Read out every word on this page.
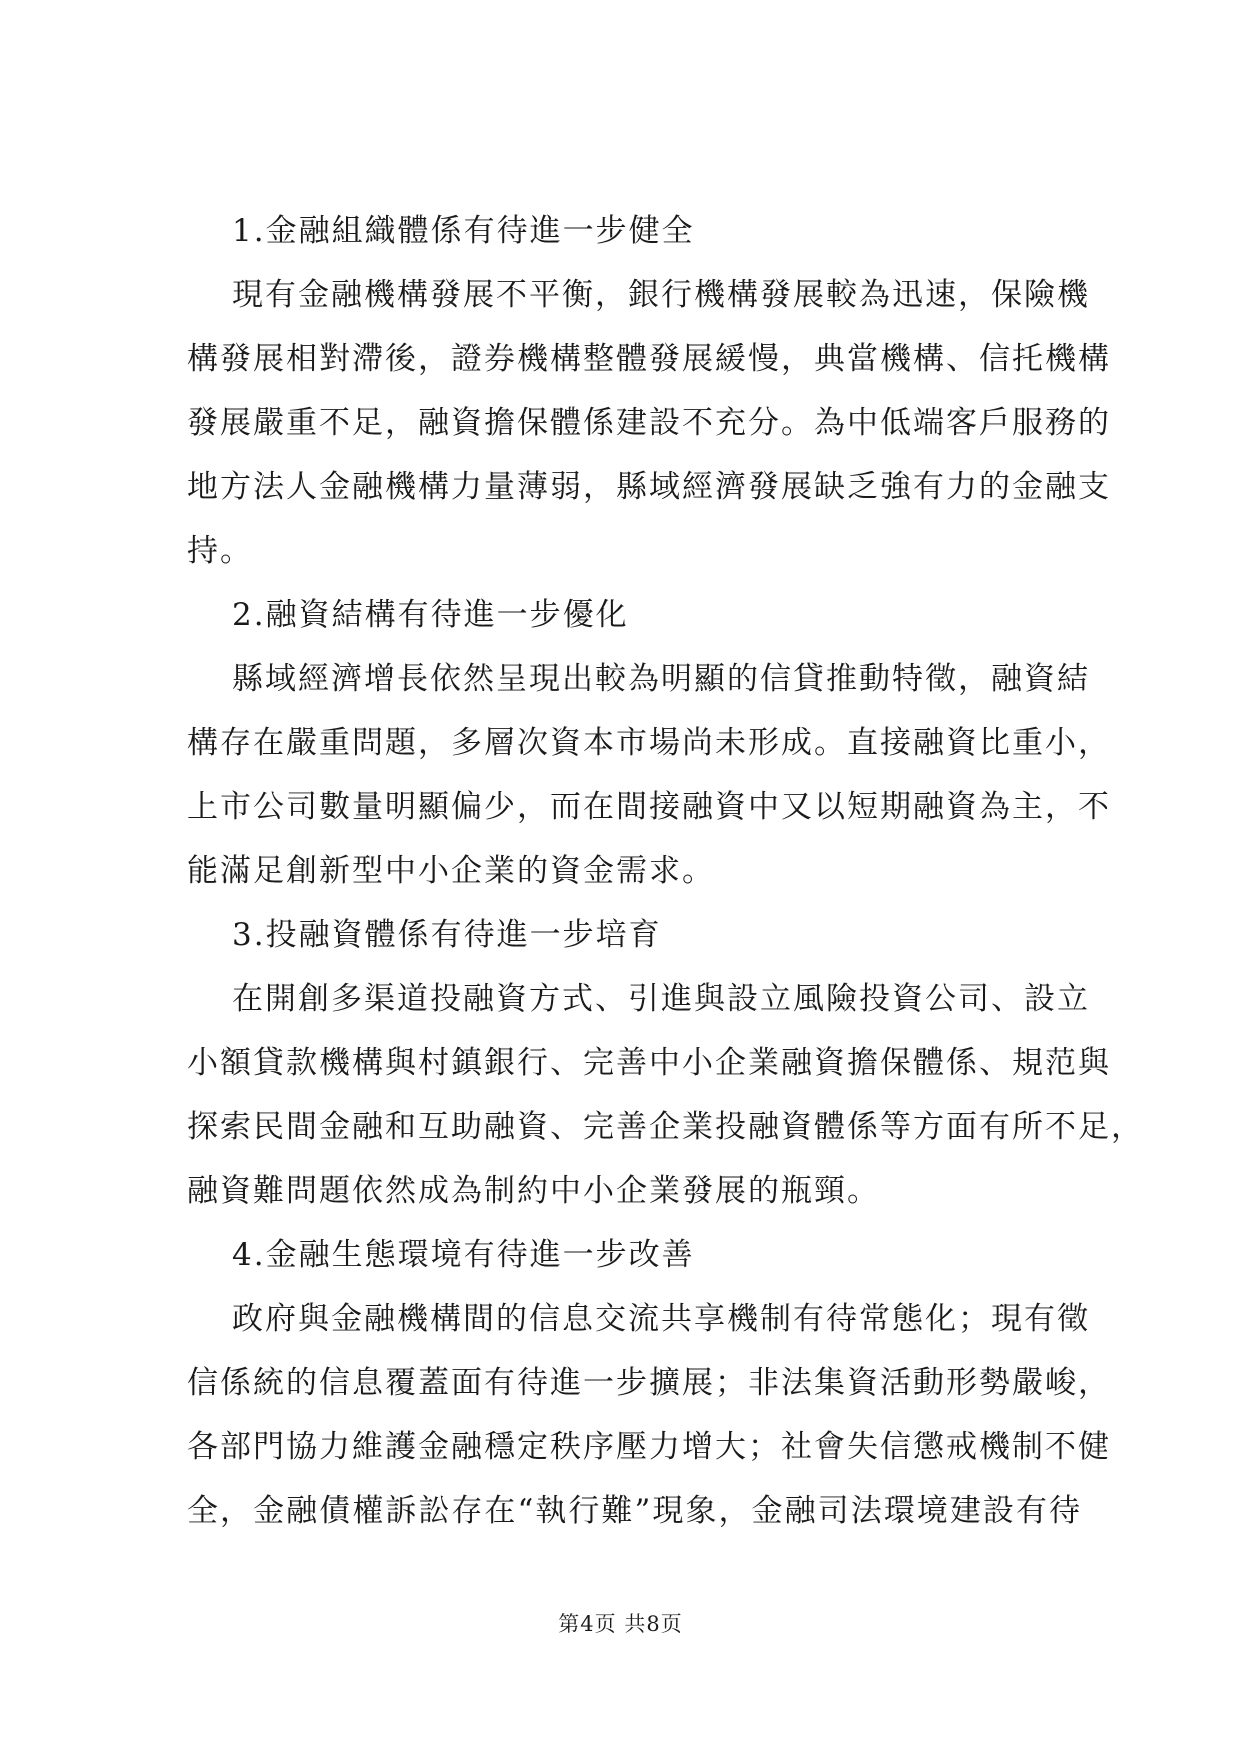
1.金融組織體係有待進一步健全
現有金融機構發展不平衡，銀行機構發展較為迅速，保險機
構發展相對滯後，證券機構整體發展緩慢，典當機構、信托機構
發展嚴重不足，融資擔保體係建設不充分。為中低端客戶服務的
地方法人金融機構力量薄弱，縣域經濟發展缺乏強有力的金融支
持。
2.融資結構有待進一步優化
縣域經濟增長依然呈現出較為明顯的信貸推動特徵，融資結
構存在嚴重問題，多層次資本市場尚未形成。直接融資比重小，
上市公司數量明顯偏少，而在間接融資中又以短期融資為主，不
能滿足創新型中小企業的資金需求。
3.投融資體係有待進一步培育
在開創多渠道投融資方式、引進與設立風險投資公司、設立
小額貸款機構與村鎮銀行、完善中小企業融資擔保體係、規范與
探索民間金融和互助融資、完善企業投融資體係等方面有所不足，
融資難問題依然成為制約中小企業發展的瓶頸。
4.金融生態環境有待進一步改善
政府與金融機構間的信息交流共享機制有待常態化；現有徵
信係統的信息覆蓋面有待進一步擴展；非法集資活動形勢嚴峻，
各部門協力維護金融穩定秩序壓力增大；社會失信懲戒機制不健
全，金融債權訴訟存在“執行難”現象，金融司法環境建設有待
第4页 共8页
